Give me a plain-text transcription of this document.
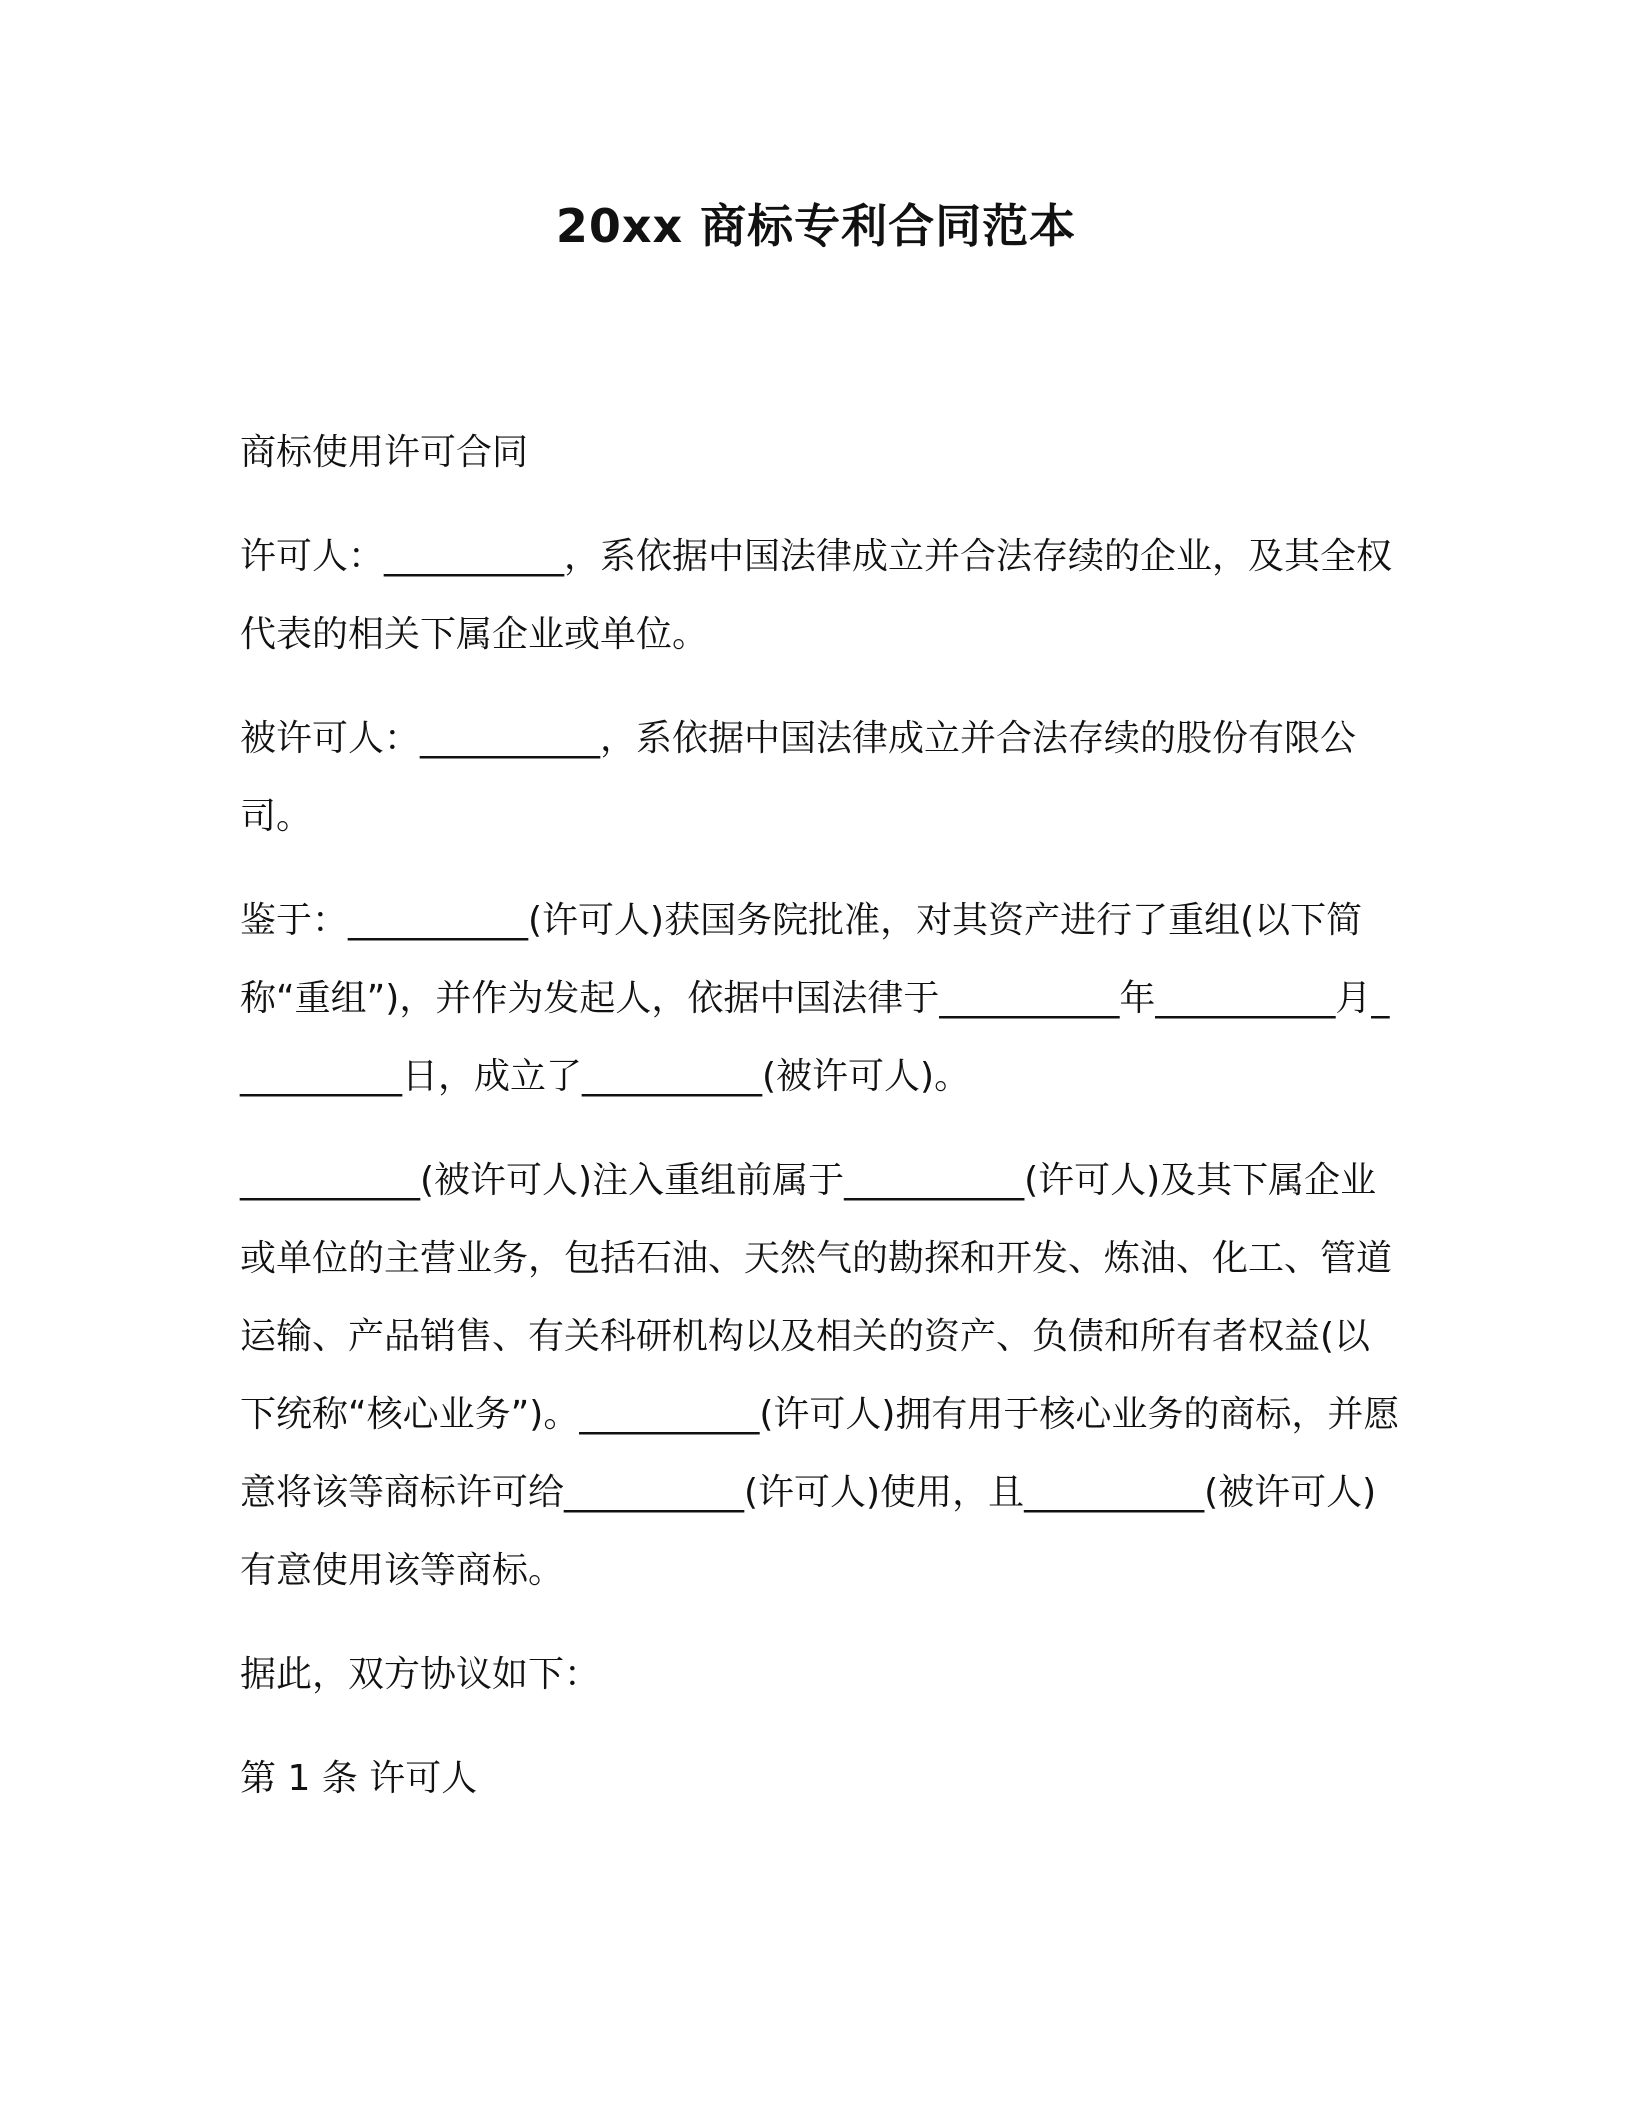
20xx 商标专利合同范本

商标使用许可合同

许可人：__________，系依据中国法律成立并合法存续的企业，及其全权代表的相关下属企业或单位。

被许可人：__________，系依据中国法律成立并合法存续的股份有限公司。

鉴于：__________(许可人)获国务院批准，对其资产进行了重组(以下简称“重组”)，并作为发起人，依据中国法律于__________年__________月__________日，成立了__________(被许可人)。

__________(被许可人)注入重组前属于__________(许可人)及其下属企业或单位的主营业务，包括石油、天然气的勘探和开发、炼油、化工、管道运输、产品销售、有关科研机构以及相关的资产、负债和所有者权益(以下统称“核心业务”)。__________(许可人)拥有用于核心业务的商标，并愿意将该等商标许可给__________(许可人)使用，且__________(被许可人)有意使用该等商标。

据此，双方协议如下：

第 1 条 许可人
